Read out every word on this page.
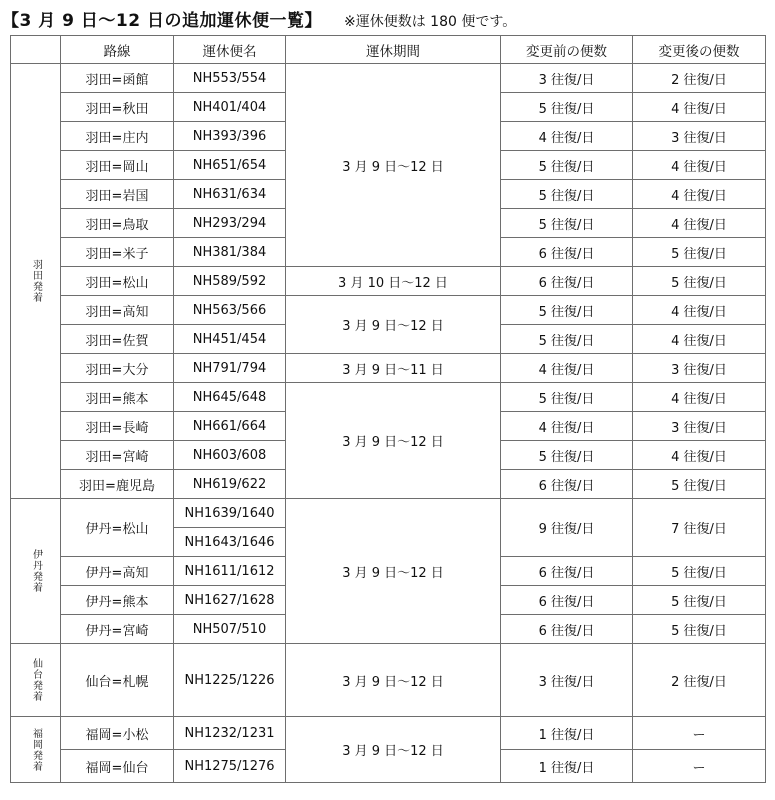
【3 月 9 日～12 日の追加運休便一覧】 ※運休便数は 180 便です。
	路線	運休便名	運休期間	変更前の便数	変更後の便数

羽田発着	羽田=函館	NH553/554	3 月 9 日～12 日	3 往復/日	2 往復/日
	羽田=秋田	NH401/404		5 往復/日	4 往復/日
	羽田=庄内	NH393/396		4 往復/日	3 往復/日
	羽田=岡山	NH651/654		5 往復/日	4 往復/日
	羽田=岩国	NH631/634		5 往復/日	4 往復/日
	羽田=鳥取	NH293/294		5 往復/日	4 往復/日
	羽田=米子	NH381/384		6 往復/日	5 往復/日
	羽田=松山	NH589/592	3 月 10 日～12 日	6 往復/日	5 往復/日
	羽田=高知	NH563/566	3 月 9 日～12 日	5 往復/日	4 往復/日
	羽田=佐賀	NH451/454		5 往復/日	4 往復/日
	羽田=大分	NH791/794	3 月 9 日～11 日	4 往復/日	3 往復/日
	羽田=熊本	NH645/648	3 月 9 日～12 日	5 往復/日	4 往復/日
	羽田=長崎	NH661/664		4 往復/日	3 往復/日
	羽田=宮崎	NH603/608		5 往復/日	4 往復/日
	羽田=鹿児島	NH619/622		6 往復/日	5 往復/日

伊丹発着	伊丹=松山	NH1639/1640	3 月 9 日～12 日	9 往復/日	7 往復/日
		NH1643/1646			
	伊丹=高知	NH1611/1612		6 往復/日	5 往復/日
	伊丹=熊本	NH1627/1628		6 往復/日	5 往復/日
	伊丹=宮崎	NH507/510		6 往復/日	5 往復/日

仙台発着	仙台=札幌	NH1225/1226	3 月 9 日～12 日	3 往復/日	2 往復/日

福岡発着	福岡=小松	NH1232/1231	3 月 9 日～12 日	1 往復/日	ー
	福岡=仙台	NH1275/1276		1 往復/日	ー
